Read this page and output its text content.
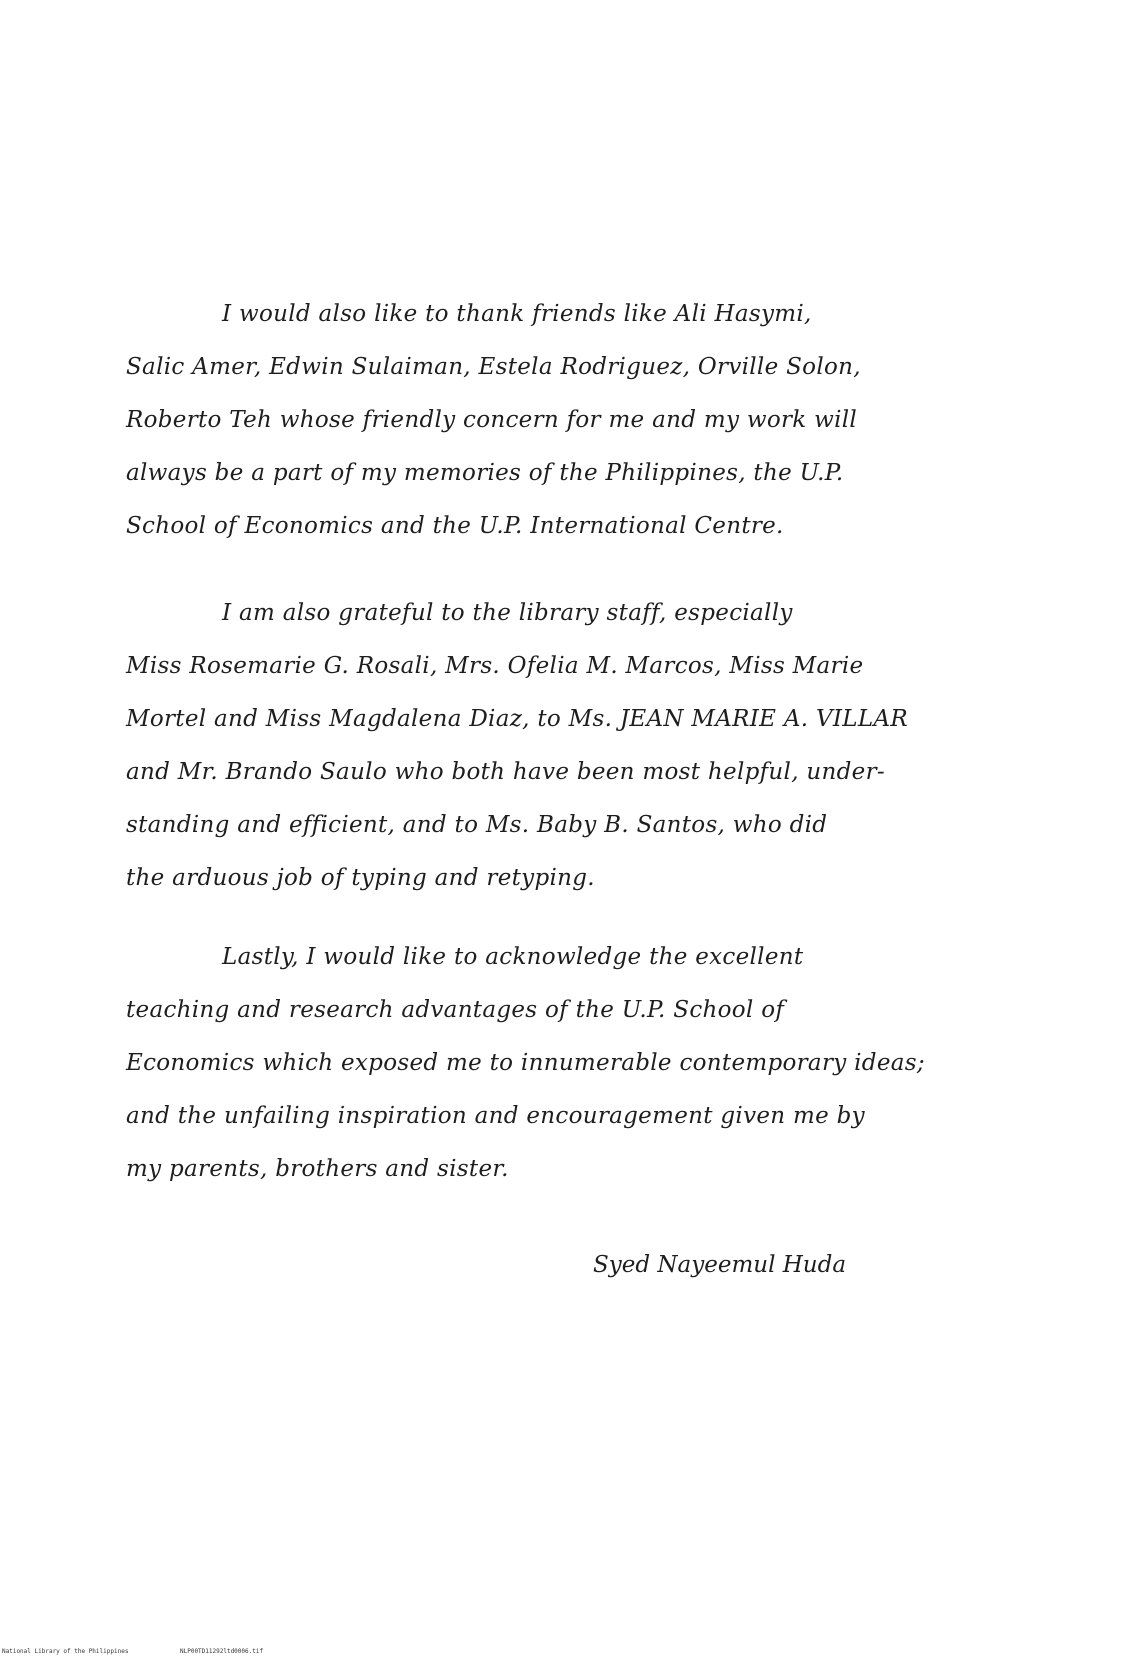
I would also like to thank friends like Ali Hasymi,
Salic Amer, Edwin Sulaiman, Estela Rodriguez, Orville Solon,
Roberto Teh whose friendly concern for me and my work will
always be a part of my memories of the Philippines, the U.P.
School of Economics and the U.P. International Centre.
I am also grateful to the library staff, especially
Miss Rosemarie G. Rosali, Mrs. Ofelia M. Marcos, Miss Marie
Mortel and Miss Magdalena Diaz, to Ms. JEAN MARIE A. VILLAR
and Mr. Brando Saulo who both have been most helpful, under-
standing and efficient, and to Ms. Baby B. Santos, who did
the arduous job of typing and retyping.
Lastly, I would like to acknowledge the excellent
teaching and research advantages of the U.P. School of
Economics which exposed me to innumerable contemporary ideas;
and the unfailing inspiration and encouragement given me by
my parents, brothers and sister.
Syed Nayeemul Huda
National Library of the Philippines	NLP00TD11292ltd0006.tif
